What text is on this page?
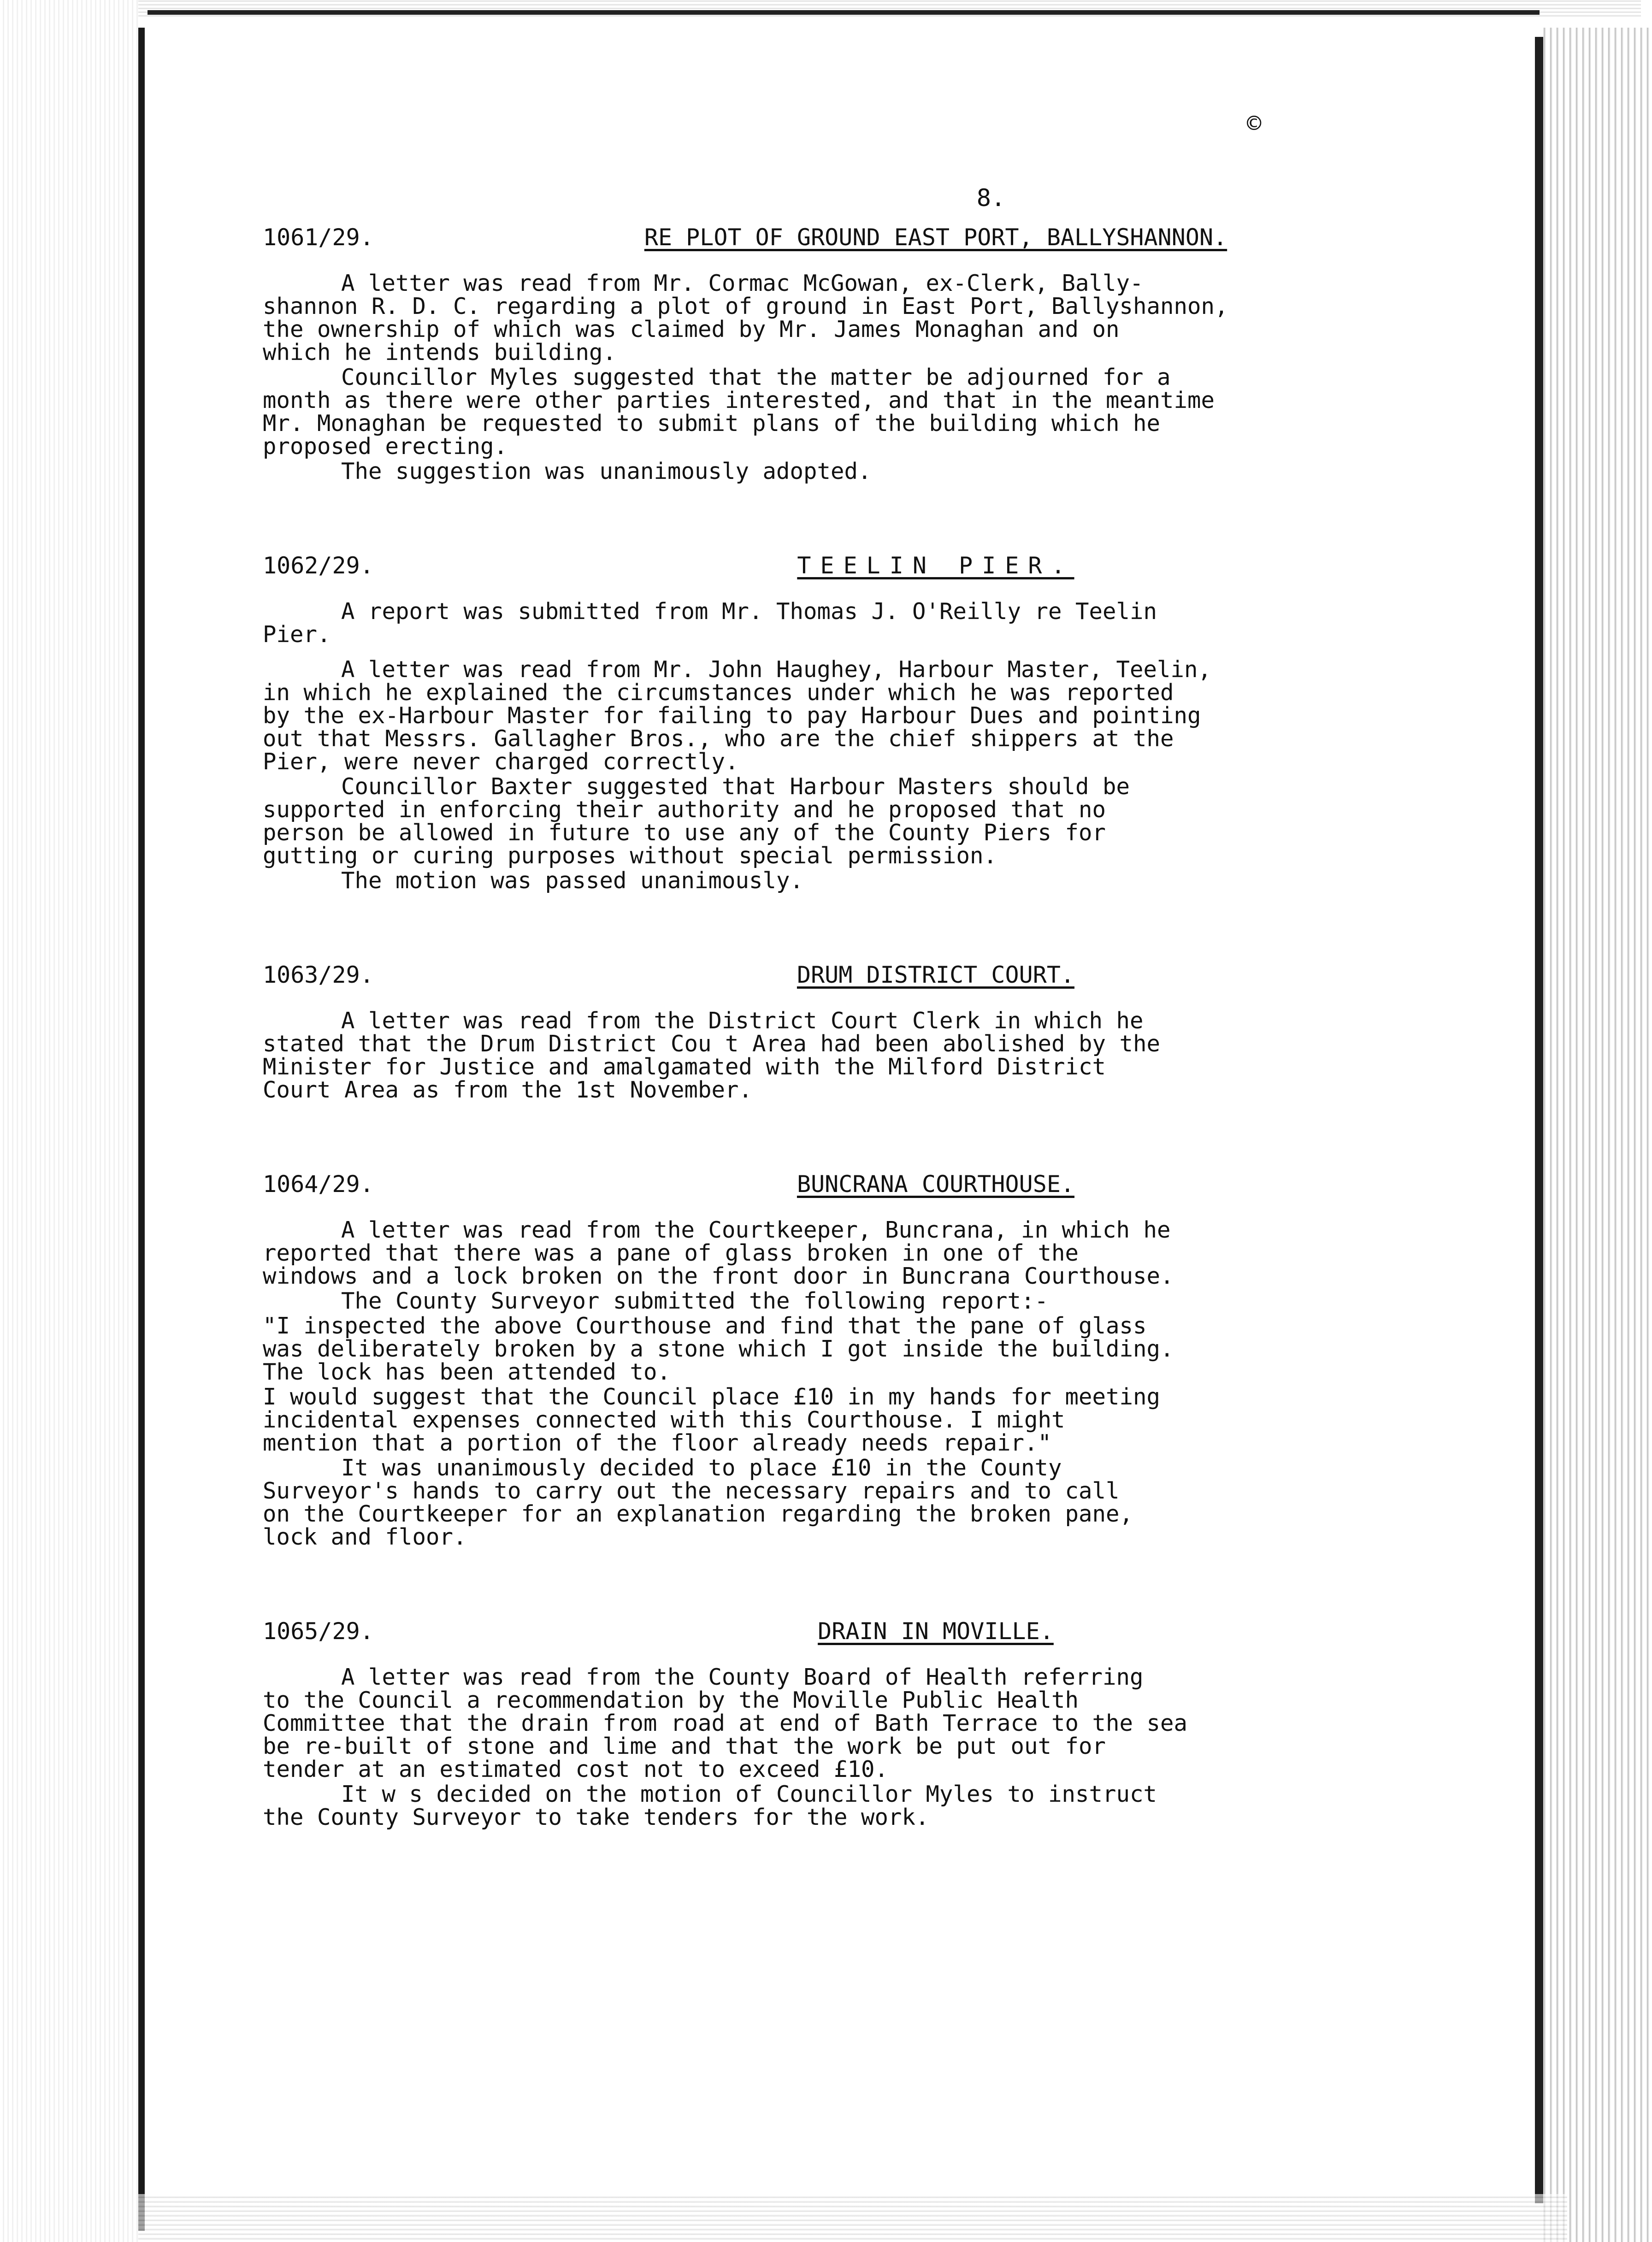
©
8.
1061/29.	RE PLOT OF GROUND EAST PORT, BALLYSHANNON.

A letter was read from Mr. Cormac McGowan, ex-Clerk, Bally-
shannon R. D. C. regarding a plot of ground in East Port, Ballyshannon,
the ownership of which was claimed by Mr. James Monaghan and on
which he intends building.

Councillor Myles suggested that the matter be adjourned for a
month as there were other parties interested, and that in the meantime
Mr. Monaghan be requested to submit plans of the building which he
proposed erecting.

The suggestion was unanimously adopted.

1062/29.	TEELIN PIER.

A report was submitted from Mr. Thomas J. O'Reilly re Teelin
Pier.

A letter was read from Mr. John Haughey, Harbour Master, Teelin,
in which he explained the circumstances under which he was reported
by the ex-Harbour Master for failing to pay Harbour Dues and pointing
out that Messrs. Gallagher Bros., who are the chief shippers at the
Pier, were never charged correctly.

Councillor Baxter suggested that Harbour Masters should be
supported in enforcing their authority and he proposed that no
person be allowed in future to use any of the County Piers for
gutting or curing purposes without special permission.

The motion was passed unanimously.

1063/29.	DRUM DISTRICT COURT.

A letter was read from the District Court Clerk in which he
stated that the Drum District Cou t Area had been abolished by the
Minister for Justice and amalgamated with the Milford District
Court Area as from the 1st November.

1064/29.	BUNCRANA COURTHOUSE.

A letter was read from the Courtkeeper, Buncrana, in which he
reported that there was a pane of glass broken in one of the
windows and a lock broken on the front door in Buncrana Courthouse.

The County Surveyor submitted the following report:-

"I inspected the above Courthouse and find that the pane of glass
was deliberately broken by a stone which I got inside the building.
The lock has been attended to.

I would suggest that the Council place £10 in my hands for meeting
incidental expenses connected with this Courthouse. I might
mention that a portion of the floor already needs repair."

It was unanimously decided to place £10 in the County
Surveyor's hands to carry out the necessary repairs and to call
on the Courtkeeper for an explanation regarding the broken pane,
lock and floor.

1065/29.	DRAIN IN MOVILLE.

A letter was read from the County Board of Health referring
to the Council a recommendation by the Moville Public Health
Committee that the drain from road at end of Bath Terrace to the sea
be re-built of stone and lime and that the work be put out for
tender at an estimated cost not to exceed £10.

It w s decided on the motion of Councillor Myles to instruct
the County Surveyor to take tenders for the work.
